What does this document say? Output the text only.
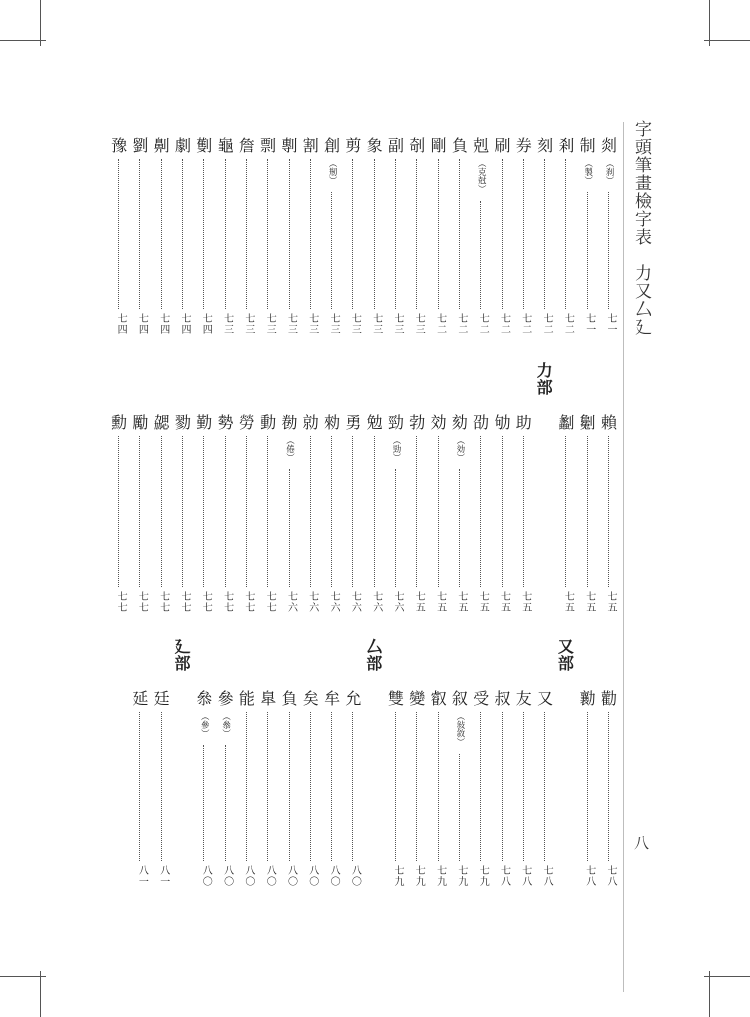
字頭筆畫檢字表　力又厶廴
八
剡
（刹）
七一
制
（製）
七一
剎
七二
刻
七二
券
七二
刷
七二
剋
（克尅）
七二
負
七二
剛
七二
剞
七三
副
七三
象
七三
剪
七三
創
（剏）
七三
割
七三
剸
七三
剽
七三
詹
七三
龜
七三
劐
七四
劇
七四
劓
七四
劉
七四
豫
七四
賴
七五
劖
七五
劙
七五
力部
助
七五
劬
七五
劭
七五
劾
（効）
七五
効
七五
勃
七五
勁
（勁）
七六
勉
七六
勇
七六
勑
七六
勍
七六
勌
（倦）
七六
動
七七
勞
七七
勢
七七
勤
七七
勠
七七
勰
七七
勵
七七
勳
七七
勸
七八
勷
七八
又部
又
七八
友
七八
叔
七八
受
七九
叙
（敍敘）
七九
叡
七九
變
七九
雙
七九
厶部
允
八〇
牟
八〇
矣
八〇
負
八〇
臯
八〇
能
八〇
參
（叅）
八〇
叅
（參）
八〇
廴部
廷
八一
延
八一
